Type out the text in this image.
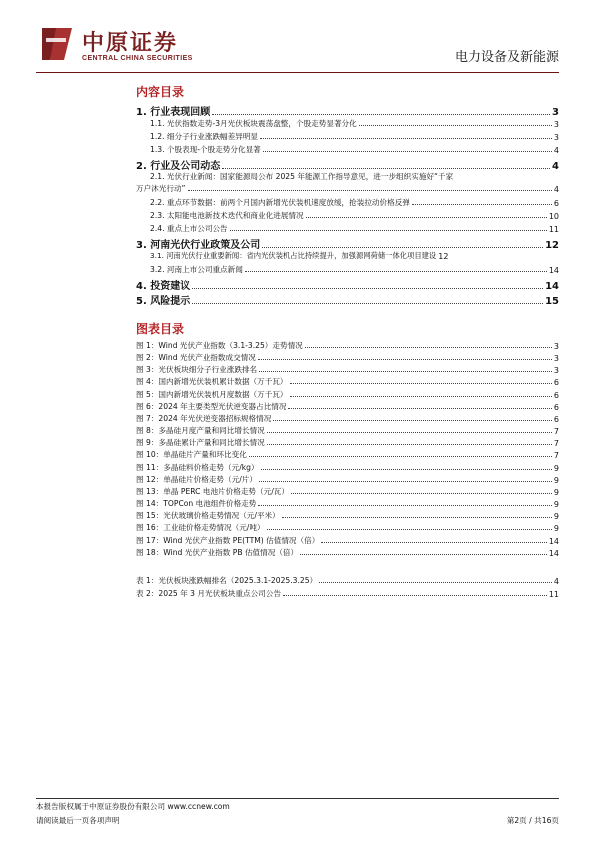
中原证券
CENTRAL CHINA SECURITIES	电力设备及新能源
内容目录
1. 行业表现回顾	3
1.1. 光伏指数走势-3月光伏板块震荡盘整，个股走势显著分化	3
1.2. 细分子行业涨跌幅差异明显	3
1.3. 个股表现-个股走势分化显著	4
2. 行业及公司动态	4
2.1. 光伏行业新闻：国家能源局公布 2025 年能源工作指导意见，进一步组织实施好“千家
万户沐光行动”	4
2.2. 重点环节数据：前两个月国内新增光伏装机速度放缓，抢装拉动价格反弹	6
2.3. 太阳能电池新技术迭代和商业化进展情况	10
2.4. 重点上市公司公告	11
3. 河南光伏行业政策及公司	12
3.1. 河南光伏行业重要新闻：省内光伏装机占比持续提升，加强源网荷储一体化项目建设 12
3.2. 河南上市公司重点新闻	14
4. 投资建议	14
5. 风险提示	15
图表目录
图 1：Wind 光伏产业指数（3.1-3.25）走势情况	3
图 2：Wind 光伏产业指数成交情况	3
图 3：光伏板块细分子行业涨跌排名	3
图 4：国内新增光伏装机累计数据（万千瓦）	6
图 5：国内新增光伏装机月度数据（万千瓦）	6
图 6：2024 年主要类型光伏逆变器占比情况	6
图 7：2024 年光伏逆变器招标规格情况	6
图 8：多晶硅月度产量和同比增长情况	7
图 9：多晶硅累计产量和同比增长情况	7
图 10：单晶硅片产量和环比变化	7
图 11：多晶硅料价格走势（元/kg）	9
图 12：单晶硅片价格走势（元/片）	9
图 13：单晶 PERC 电池片价格走势（元/瓦）	9
图 14：TOPCon 电池组件价格走势	9
图 15：光伏玻璃价格走势情况（元/平米）	9
图 16：工业硅价格走势情况（元/吨）	9
图 17：Wind 光伏产业指数 PE(TTM) 估值情况（倍）	14
图 18：Wind 光伏产业指数 PB 估值情况（倍）	14
表 1：光伏板块涨跌幅排名（2025.3.1-2025.3.25）	4
表 2：2025 年 3 月光伏板块重点公司公告	11
本报告版权属于中原证券股份有限公司 www.ccnew.com
请阅读最后一页各项声明	第2页 / 共16页
